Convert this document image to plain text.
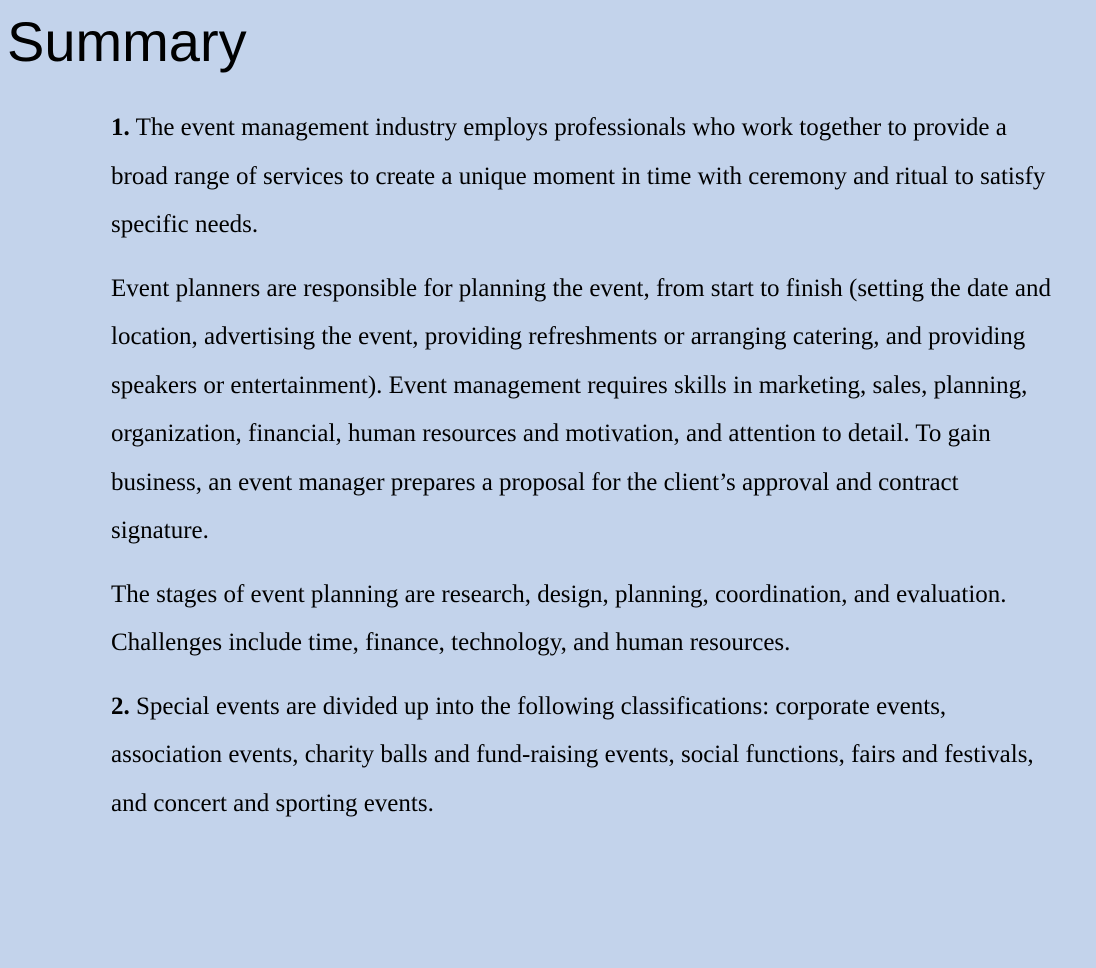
Summary

1. The event management industry employs professionals who work together to provide a broad range of services to create a unique moment in time with ceremony and ritual to satisfy specific needs.

Event planners are responsible for planning the event, from start to finish (setting the date and location, advertising the event, providing refreshments or arranging catering, and providing speakers or entertainment). Event management requires skills in marketing, sales, planning, organization, financial, human resources and motivation, and attention to detail. To gain business, an event manager prepares a proposal for the client’s approval and contract signature.

The stages of event planning are research, design, planning, coordination, and evaluation. Challenges include time, finance, technology, and human resources.

2. Special events are divided up into the following classifications: corporate events, association events, charity balls and fund-raising events, social functions, fairs and festivals, and concert and sporting events.
